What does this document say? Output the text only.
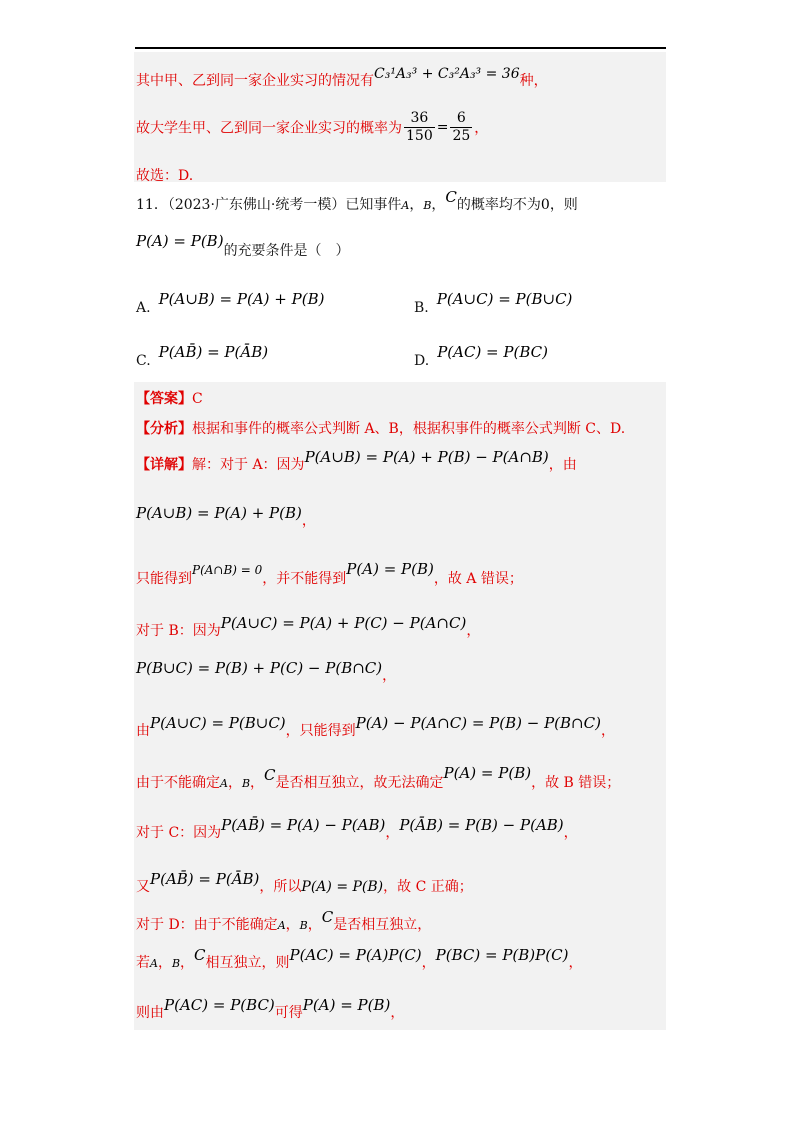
其中甲、乙到同一家企业实习的情况有C₃¹A₃³ + C₃²A₃³ = 36种，
故大学生甲、乙到同一家企业实习的概率为 $\frac{36}{150} = \frac{6}{25}$ ，
故选：D.
11．（2023·广东佛山·统考一模）已知事件A，B，C的概率均不为0，则
P(A) = P(B)的充要条件是（　）
A. P(A∪B) = P(A) + P(B)	B. P(A∪C) = P(B∪C)
C. P(AB̄) = P(ĀB)	D. P(AC) = P(BC)
【答案】C
【分析】根据和事件的概率公式判断 A、B，根据积事件的概率公式判断 C、D.
【详解】解：对于 A：因为P(A∪B) = P(A) + P(B) − P(A∩B)，由
P(A∪B) = P(A) + P(B)，
只能得到P(A∩B) = 0，并不能得到P(A) = P(B)，故 A 错误；
对于 B：因为P(A∪C) = P(A) + P(C) − P(A∩C)，
P(B∪C) = P(B) + P(C) − P(B∩C)，
由P(A∪C) = P(B∪C)，只能得到P(A) − P(A∩C) = P(B) − P(B∩C)，
由于不能确定A，B，C是否相互独立，故无法确定P(A) = P(B)，故 B 错误；
对于 C：因为P(AB̄) = P(A) − P(AB)，P(ĀB) = P(B) − P(AB)，
又P(AB̄) = P(ĀB)，所以P(A) = P(B)，故 C 正确；
对于 D：由于不能确定A，B，C是否相互独立，
若A，B，C相互独立，则P(AC) = P(A)P(C)，P(BC) = P(B)P(C)，
则由P(AC) = P(BC)可得P(A) = P(B)，
